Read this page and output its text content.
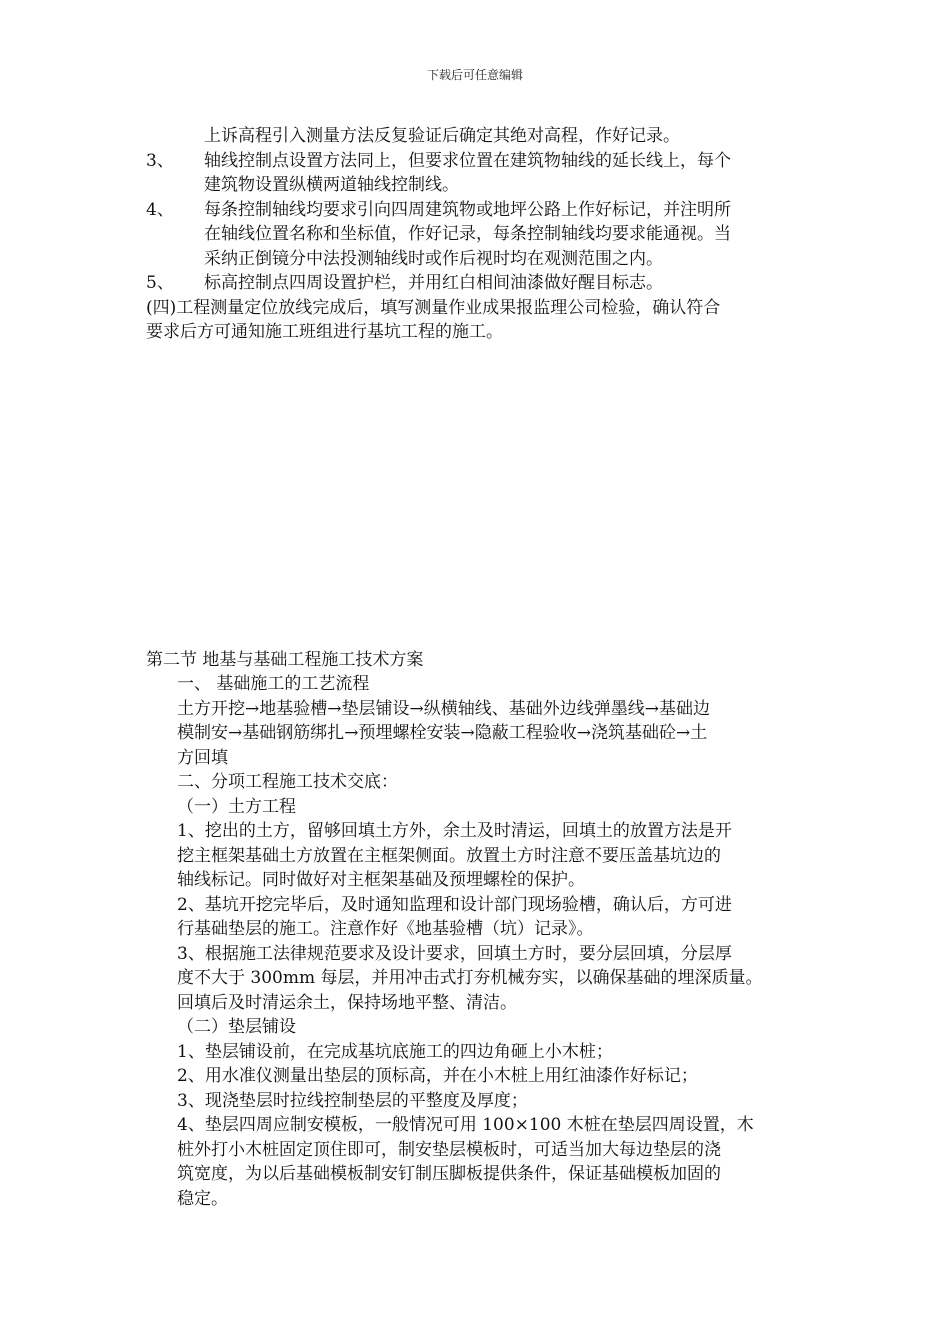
下载后可任意编辑
上诉高程引入测量方法反复验证后确定其绝对高程，作好记录。
3、 轴线控制点设置方法同上，但要求位置在建筑物轴线的延长线上，每个
建筑物设置纵横两道轴线控制线。
4、 每条控制轴线均要求引向四周建筑物或地坪公路上作好标记，并注明所
在轴线位置名称和坐标值，作好记录，每条控制轴线均要求能通视。当
采纳正倒镜分中法投测轴线时或作后视时均在观测范围之内。
5、 标高控制点四周设置护栏，并用红白相间油漆做好醒目标志。
(四)工程测量定位放线完成后，填写测量作业成果报监理公司检验，确认符合
要求后方可通知施工班组进行基坑工程的施工。
第二节 地基与基础工程施工技术方案
一、 基础施工的工艺流程
土方开挖→地基验槽→垫层铺设→纵横轴线、基础外边线弹墨线→基础边
模制安→基础钢筋绑扎→预埋螺栓安装→隐蔽工程验收→浇筑基础砼→土
方回填
二、分项工程施工技术交底：
（一）土方工程
1、挖出的土方，留够回填土方外，余土及时清运，回填土的放置方法是开
挖主框架基础土方放置在主框架侧面。放置土方时注意不要压盖基坑边的
轴线标记。同时做好对主框架基础及预埋螺栓的保护。
2、基坑开挖完毕后，及时通知监理和设计部门现场验槽，确认后，方可进
行基础垫层的施工。注意作好《地基验槽（坑）记录》。
3、根据施工法律规范要求及设计要求，回填土方时，要分层回填，分层厚
度不大于 300mm 每层，并用冲击式打夯机械夯实，以确保基础的埋深质量。
回填后及时清运余土，保持场地平整、清洁。
（二）垫层铺设
1、垫层铺设前，在完成基坑底施工的四边角砸上小木桩；
2、用水准仪测量出垫层的顶标高，并在小木桩上用红油漆作好标记；
3、现浇垫层时拉线控制垫层的平整度及厚度；
4、垫层四周应制安模板，一般情况可用 100×100 木桩在垫层四周设置，木
桩外打小木桩固定顶住即可，制安垫层模板时，可适当加大每边垫层的浇
筑宽度，为以后基础模板制安钉制压脚板提供条件，保证基础模板加固的
稳定。
